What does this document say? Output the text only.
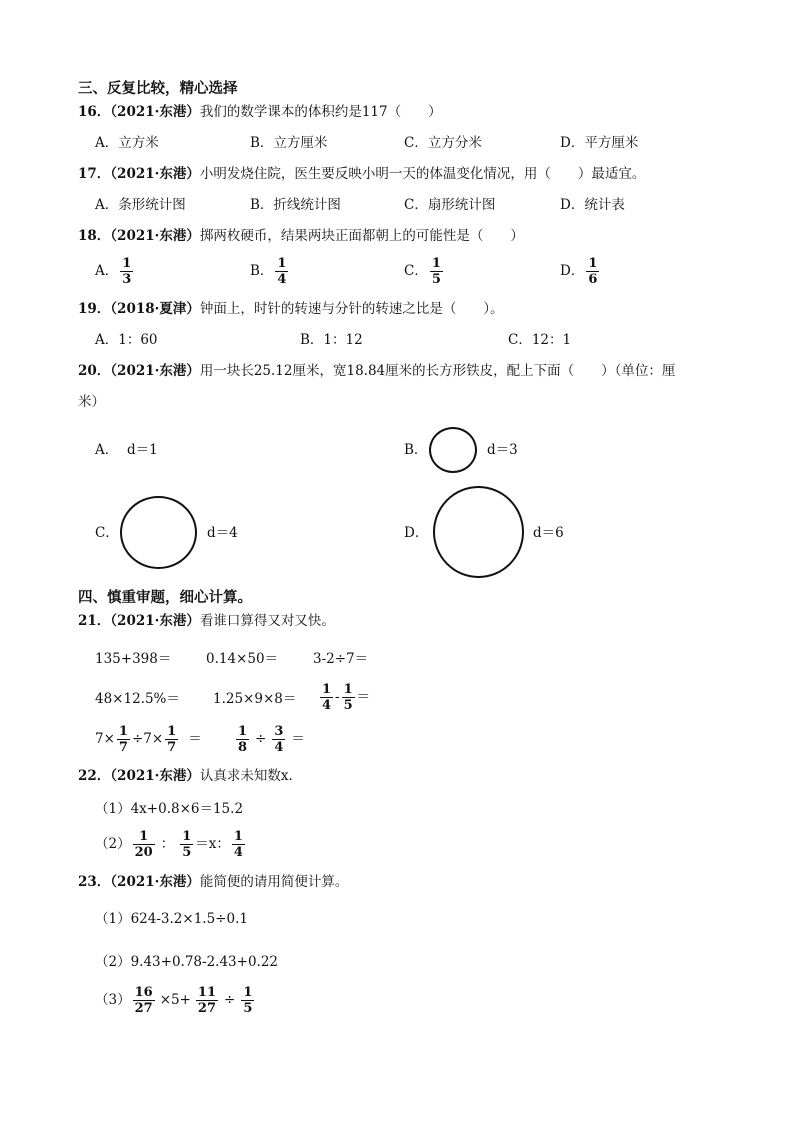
三、反复比较，精心选择
16．（2021·东港）我们的数学课本的体积约是117（　　）
A．立方米	B．立方厘米	C．立方分米	D．平方厘米
17．（2021·东港）小明发烧住院，医生要反映小明一天的体温变化情况，用（　　）最适宜。
A．条形统计图	B．折线统计图	C．扇形统计图	D．统计表
18．（2021·东港）掷两枚硬币，结果两块正面都朝上的可能性是（　　）
A． $\frac{1}{3}$	B． $\frac{1}{4}$	C． $\frac{1}{5}$	D． $\frac{1}{6}$
19．（2018·夏津）钟面上，时针的转速与分针的转速之比是（　　）。
A．1：60	B．1：12	C．12：1
20．（2021·东港）用一块长25.12厘米，宽18.84厘米的长方形铁皮，配上下面（　　）（单位：厘
米）
A． d＝1	B．	d＝3
C．	d＝4	D．	d＝6
四、慎重审题，细心计算。
21．（2021·东港）看谁口算得又对又快。
135+398＝	0.14×50＝	3-2÷7＝
$48\times 12.5\%= 1.25\times 9\times 8= \frac{1}{4} - \frac{1}{5}$ ＝
$7\times \frac{1}{7} \div 7\times \frac{1}{7}$ ＝	$\frac{1}{8} \div \frac{3}{4}$ ＝
22．（2021·东港）认真求未知数x.
（1）4x+0.8×6＝15.2
$(2) \frac{1}{20}$ ： $\frac{1}{5} =x$： $\frac{1}{4}$
23．（2021·东港）能简便的请用简便计算。
（1）624-3.2×1.5÷0.1
（2）9.43+0.78-2.43+0.22
$(3) \frac{16}{27} \times 5+ \frac{11}{27} \div \frac{1}{5}$
